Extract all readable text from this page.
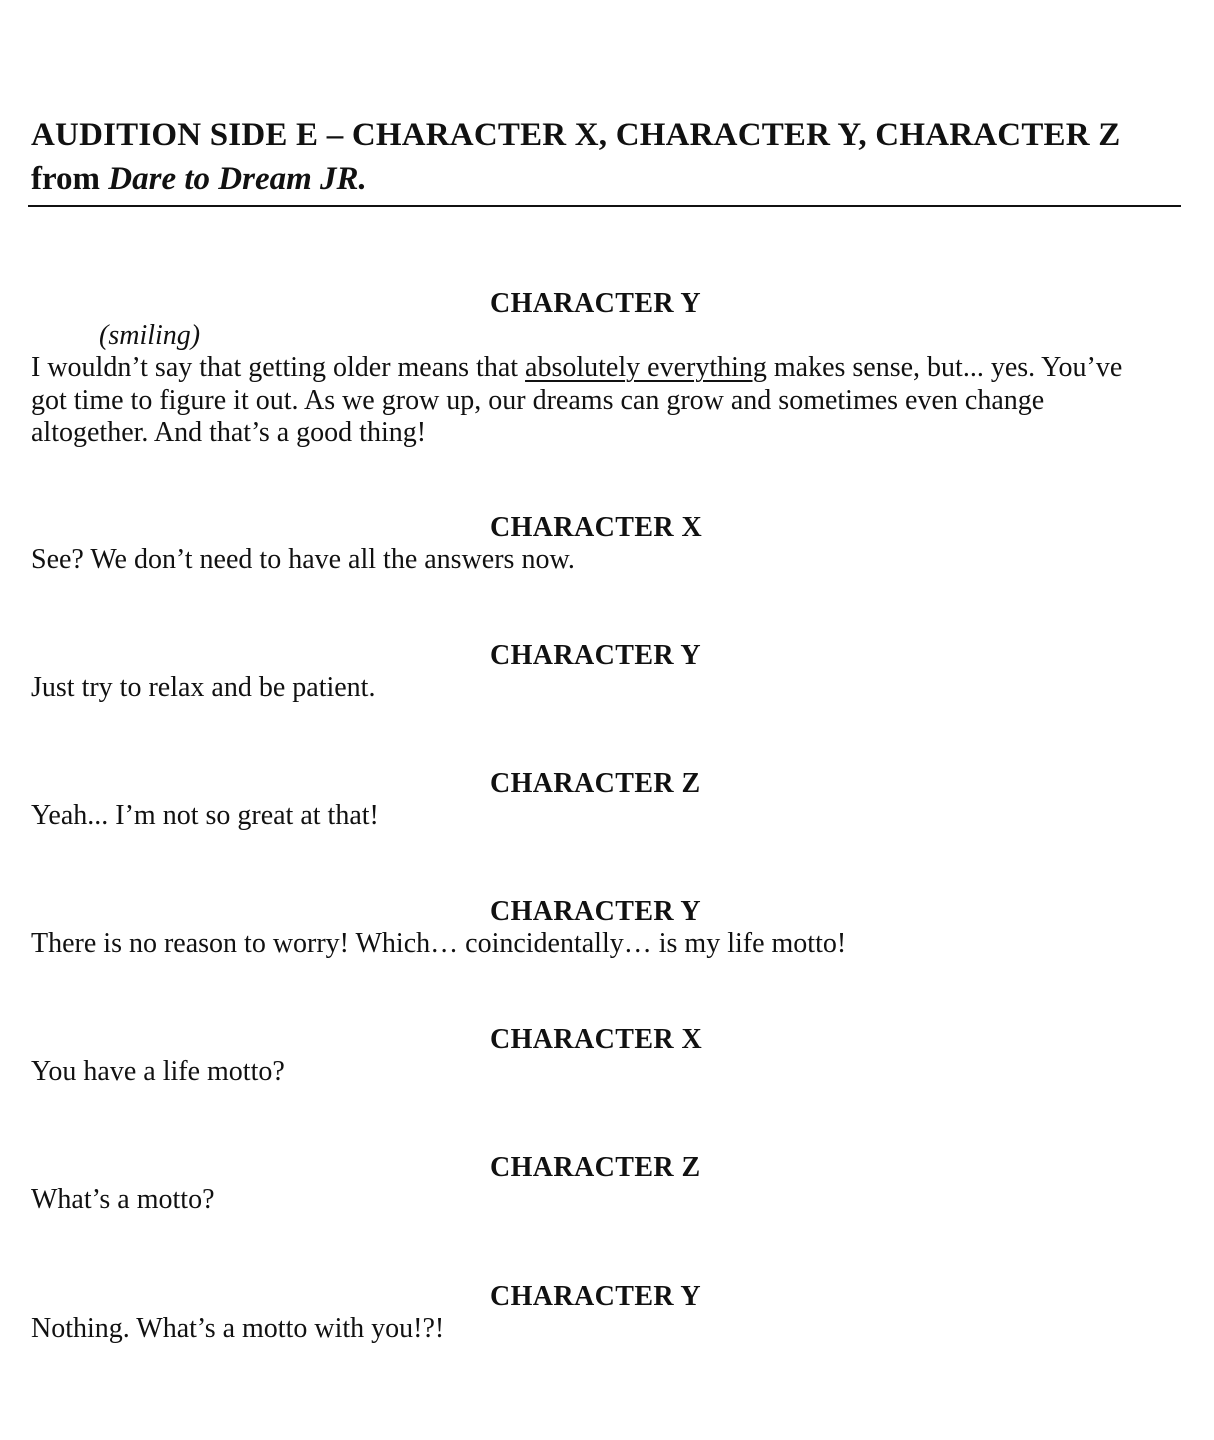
AUDITION SIDE E – CHARACTER X, CHARACTER Y, CHARACTER Z

from Dare to Dream JR.

CHARACTER Y
(smiling)
I wouldn’t say that getting older means that absolutely everything makes sense, but... yes. You’ve got time to figure it out. As we grow up, our dreams can grow and sometimes even change altogether. And that’s a good thing!
CHARACTER X
See? We don’t need to have all the answers now.
CHARACTER Y
Just try to relax and be patient.
CHARACTER Z
Yeah... I’m not so great at that!
CHARACTER Y
There is no reason to worry! Which… coincidentally… is my life motto!
CHARACTER X
You have a life motto?
CHARACTER Z
What’s a motto?
CHARACTER Y
Nothing. What’s a motto with you!?!
